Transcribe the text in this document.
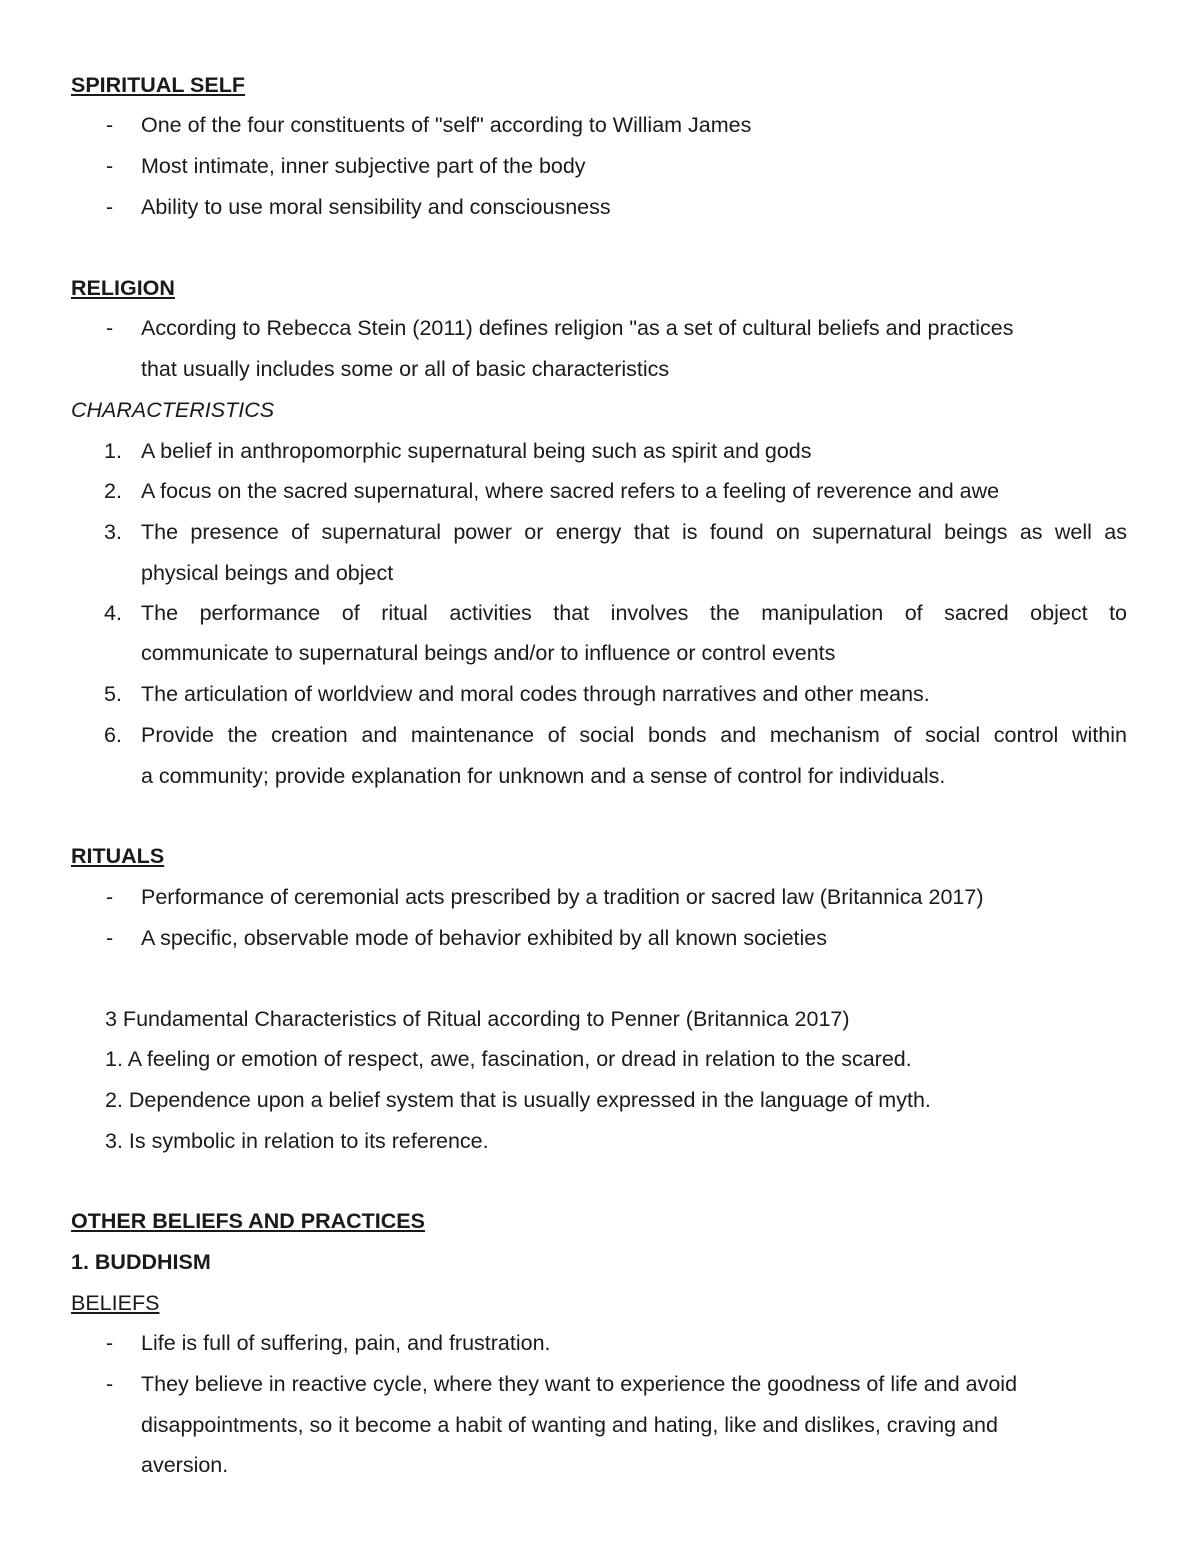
SPIRITUAL SELF
- One of the four constituents of "self" according to William James
- Most intimate, inner subjective part of the body
- Ability to use moral sensibility and consciousness
RELIGION
- According to Rebecca Stein (2011) defines religion "as a set of cultural beliefs and practices
that usually includes some or all of basic characteristics
CHARACTERISTICS
1. A belief in anthropomorphic supernatural being such as spirit and gods
2. A focus on the sacred supernatural, where sacred refers to a feeling of reverence and awe
3. The presence of supernatural power or energy that is found on supernatural beings as well as
physical beings and object
4. The performance of ritual activities that involves the manipulation of sacred object to
communicate to supernatural beings and/or to influence or control events
5. The articulation of worldview and moral codes through narratives and other means.
6. Provide the creation and maintenance of social bonds and mechanism of social control within
a community; provide explanation for unknown and a sense of control for individuals.
RITUALS
- Performance of ceremonial acts prescribed by a tradition or sacred law (Britannica 2017)
- A specific, observable mode of behavior exhibited by all known societies
3 Fundamental Characteristics of Ritual according to Penner (Britannica 2017)
1. A feeling or emotion of respect, awe, fascination, or dread in relation to the scared.
2. Dependence upon a belief system that is usually expressed in the language of myth.
3. Is symbolic in relation to its reference.
OTHER BELIEFS AND PRACTICES
1. BUDDHISM
BELIEFS
- Life is full of suffering, pain, and frustration.
- They believe in reactive cycle, where they want to experience the goodness of life and avoid
disappointments, so it become a habit of wanting and hating, like and dislikes, craving and
aversion.
